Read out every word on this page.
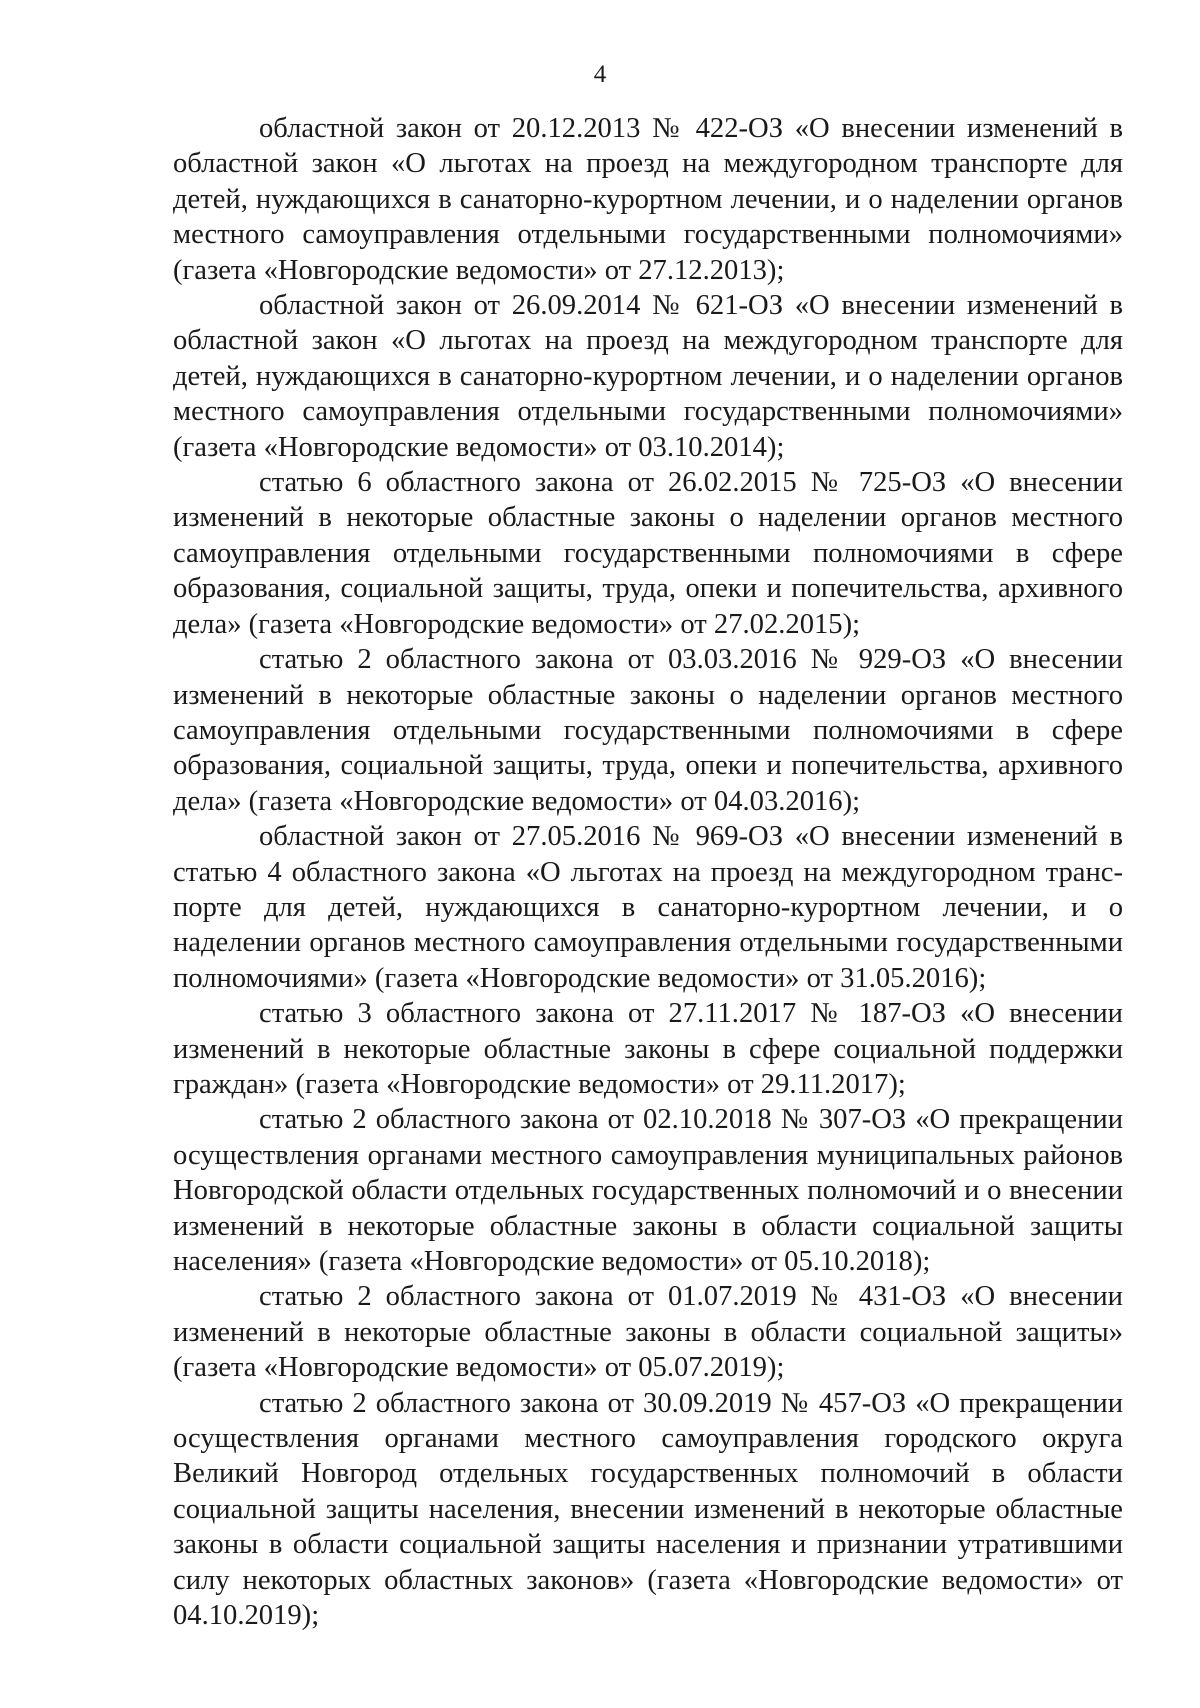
4

областной закон от 20.12.2013 № 422-ОЗ «О внесении изменений в областной закон «О льготах на проезд на междугородном транспорте для детей, нуждающихся в санаторно-курортном лечении, и о наделении органов местного самоуправления отдельными государственными полномочиями» (газета «Новгородские ведомости» от 27.12.2013);

областной закон от 26.09.2014 № 621-ОЗ «О внесении изменений в областной закон «О льготах на проезд на междугородном транспорте для детей, нуждающихся в санаторно-курортном лечении, и о наделении органов местного самоуправления отдельными государственными полномочиями» (газета «Новгородские ведомости» от 03.10.2014);

статью 6 областного закона от 26.02.2015 № 725-ОЗ «О внесении изменений в некоторые областные законы о наделении органов местного самоуправления отдельными государственными полномочиями в сфере образования, социальной защиты, труда, опеки и попечительства, архивного дела» (газета «Новгородские ведомости» от 27.02.2015);

статью 2 областного закона от 03.03.2016 № 929-ОЗ «О внесении изменений в некоторые областные законы о наделении органов местного самоуправления отдельными государственными полномочиями в сфере образования, социальной защиты, труда, опеки и попечительства, архивного дела» (газета «Новгородские ведомости» от 04.03.2016);

областной закон от 27.05.2016 № 969-ОЗ «О внесении изменений в статью 4 областного закона «О льготах на проезд на междугородном транспорте для детей, нуждающихся в санаторно-курортном лечении, и о наделении органов местного самоуправления отдельными государственными полномочиями» (газета «Новгородские ведомости» от 31.05.2016);

статью 3 областного закона от 27.11.2017 № 187-ОЗ «О внесении изменений в некоторые областные законы в сфере социальной поддержки граждан» (газета «Новгородские ведомости» от 29.11.2017);

статью 2 областного закона от 02.10.2018 № 307-ОЗ «О прекращении осуществления органами местного самоуправления муниципальных районов Новгородской области отдельных государственных полномочий и о внесении изменений в некоторые областные законы в области социальной защиты населения» (газета «Новгородские ведомости» от 05.10.2018);

статью 2 областного закона от 01.07.2019 № 431-ОЗ «О внесении изменений в некоторые областные законы в области социальной защиты» (газета «Новгородские ведомости» от 05.07.2019);

статью 2 областного закона от 30.09.2019 № 457-ОЗ «О прекращении осуществления органами местного самоуправления городского округа Великий Новгород отдельных государственных полномочий в области социальной защиты населения, внесении изменений в некоторые областные законы в области социальной защиты населения и признании утратившими силу некоторых областных законов» (газета «Новгородские ведомости» от 04.10.2019);
